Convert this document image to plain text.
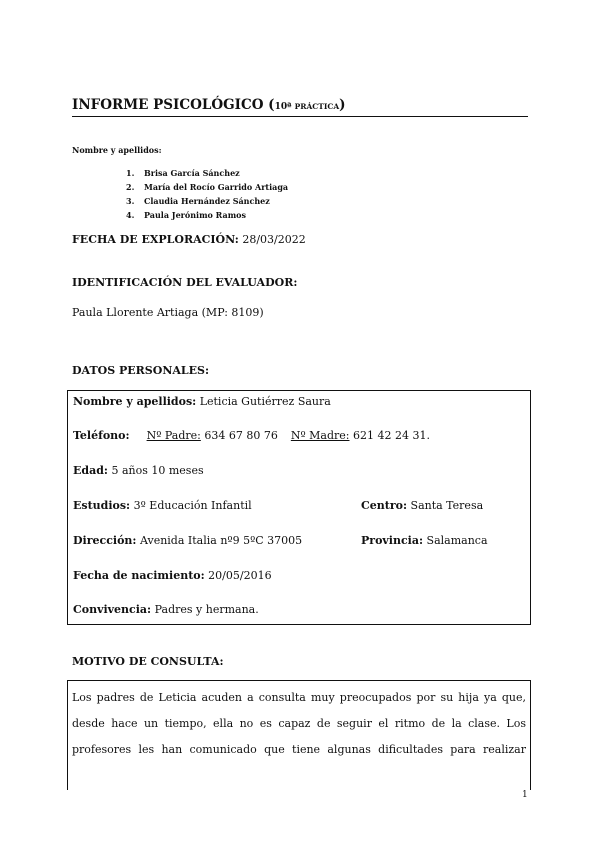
INFORME PSICOLÓGICO (10ª PRÁCTICA)
Nombre y apellidos:
1. Brisa García Sánchez
2. María del Rocío Garrido Artiaga
3. Claudia Hernández Sánchez
4. Paula Jerónimo Ramos
FECHA DE EXPLORACIÓN: 28/03/2022
IDENTIFICACIÓN DEL EVALUADOR:
Paula Llorente Artiaga (MP: 8109)
DATOS PERSONALES:
Nombre y apellidos: Leticia Gutiérrez Saura
Teléfono: Nº Padre: 634 67 80 76 Nº Madre: 621 42 24 31.
Edad: 5 años 10 meses
Estudios: 3º Educación Infantil	Centro: Santa Teresa
Dirección: Avenida Italia nº9 5ºC 37005	Provincia: Salamanca
Fecha de nacimiento: 20/05/2016
Convivencia: Padres y hermana.
MOTIVO DE CONSULTA:

Los padres de Leticia acuden a consulta muy preocupados por su hija ya que, desde hace un tiempo, ella no es capaz de seguir el ritmo de la clase. Los profesores les han comunicado que tiene algunas dificultades para realizar

1
